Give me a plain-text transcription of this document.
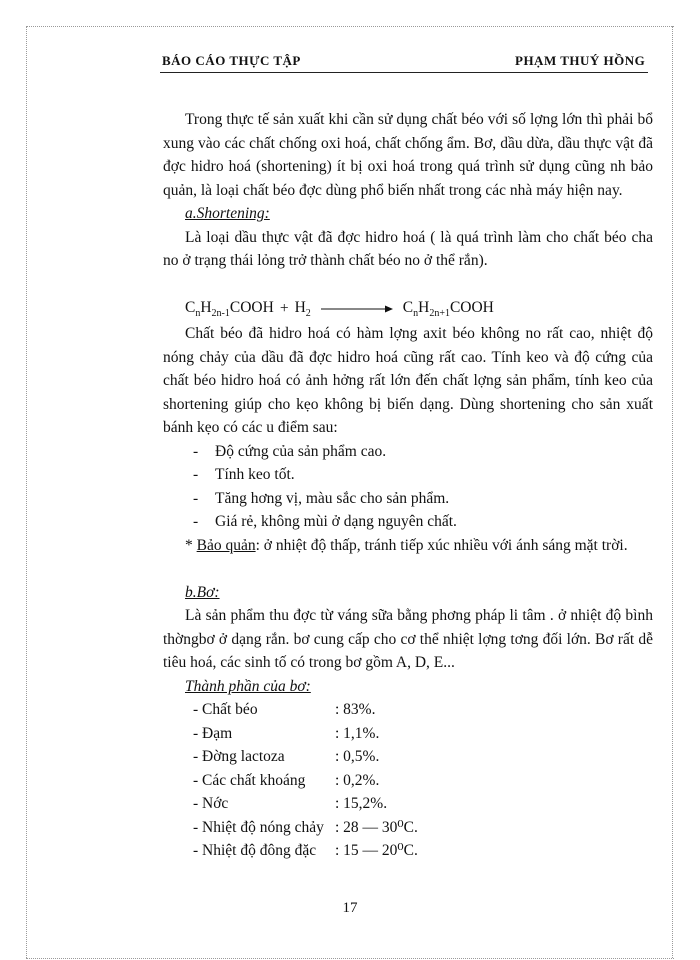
BÁO CÁO THỰC TẬP	PHẠM THUÝ HỒNG

Trong thực tế sản xuất khi cần sử dụng chất béo với số lợng lớn thì phải bổ xung vào các chất chống oxi hoá, chất chống ẩm. Bơ, dầu dừa, dầu thực vật đã đợc hidro hoá (shortening) ít bị oxi hoá trong quá trình sử dụng cũng nh bảo quản, là loại chất béo đợc dùng phổ biến nhất trong các nhà máy hiện nay.

a.Shortening:

Là loại dầu thực vật đã đợc hidro hoá ( là quá trình làm cho chất béo cha no ở trạng thái lỏng trở thành chất béo no ở thể rắn).

$C_nH_{2n-1}COOH + H_2$	$C_nH_{2n+1}COOH$

Chất béo đã hidro hoá có hàm lợng axit béo không no rất cao, nhiệt độ nóng chảy của dầu đã đợc hidro hoá cũng rất cao. Tính keo và độ cứng của chất béo hidro hoá có ảnh hởng rất lớn đến chất lợng sản phẩm, tính keo của shortening giúp cho kẹo không bị biến dạng. Dùng shortening cho sản xuất bánh kẹo có các u điểm sau:

-	Độ cứng của sản phẩm cao.
-	Tính keo tốt.
-	Tăng hơng vị, màu sắc cho sản phẩm.
-	Giá rẻ, không mùi ở dạng nguyên chất.
* Bảo quản: ở nhiệt độ thấp, tránh tiếp xúc nhiều với ánh sáng mặt trời.
b.Bơ:

Là sản phẩm thu đợc từ váng sữa bằng phơng pháp li tâm . ở nhiệt độ bình thờngbơ ở dạng rắn. bơ cung cấp cho cơ thể nhiệt lợng tơng đối lớn. Bơ rất dễ tiêu hoá, các sinh tố có trong bơ gồm A, D, E...

Thành phần của bơ:
- Chất béo	: 83%.
- Đạm	: 1,1%.
- Đờng lactoza	: 0,5%.
- Các chất khoáng	: 0,2%.
- Nớc	: 15,2%.
- Nhiệt độ nóng chảy : 28 — 30⁰C.
- Nhiệt độ đông đặc	: 15 — 20⁰C.
17
